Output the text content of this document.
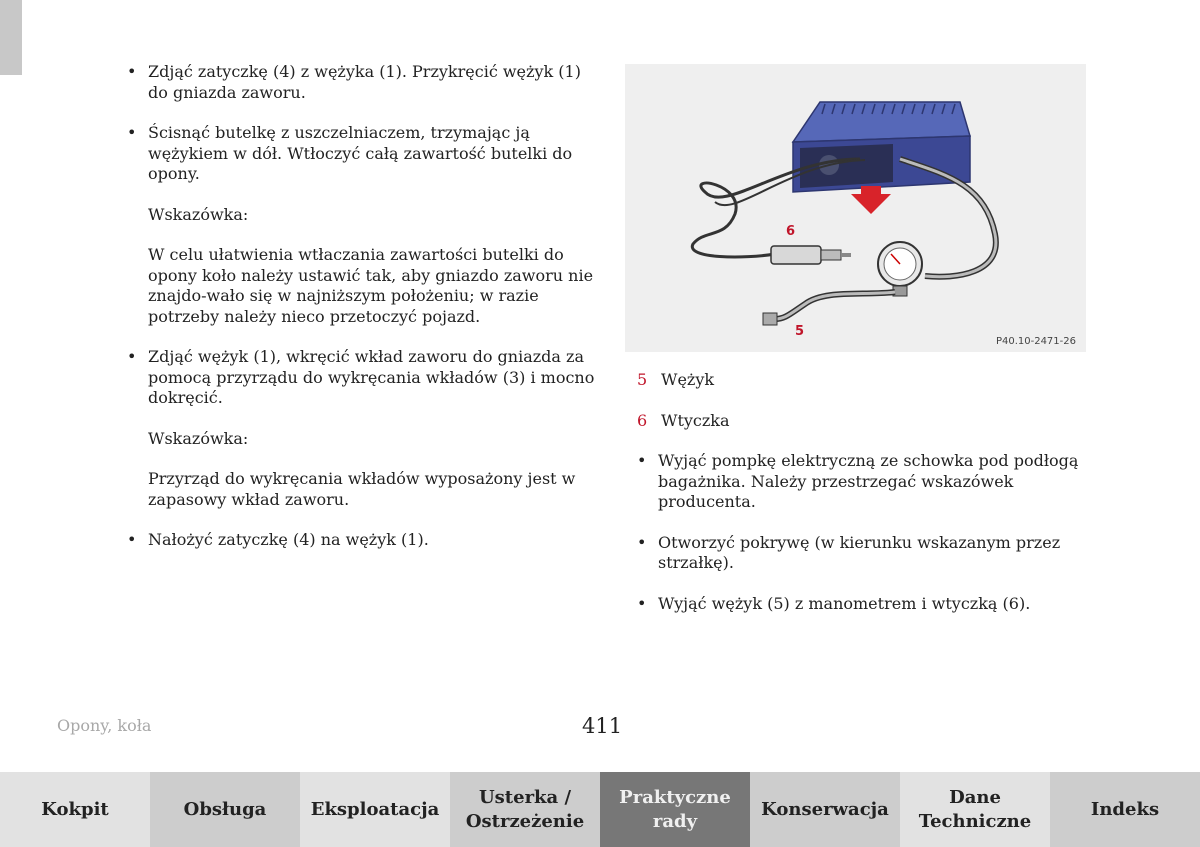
• Zdjąć zatyczkę (4) z wężyka (1). Przykręcić wężyk (1) do gniazda zaworu.
• Ścisnąć butelkę z uszczelniaczem, trzymając ją wężykiem w dół. Wtłoczyć całą zawartość butelki do opony.
Wskazówka:
W celu ułatwienia wtłaczania zawartości butelki do opony koło należy ustawić tak, aby gniazdo zaworu nie znajdo-wało się w najniższym położeniu; w razie potrzeby należy nieco przetoczyć pojazd.
• Zdjąć wężyk (1), wkręcić wkład zaworu do gniazda za pomocą przyrządu do wykręcania wkładów (3) i mocno dokręcić.
Wskazówka:
Przyrząd do wykręcania wkładów wyposażony jest w zapasowy wkład zaworu.
• Nałożyć zatyczkę (4) na wężyk (1).
6
5
P40.10-2471-26
5 Wężyk
6 Wtyczka
• Wyjąć pompkę elektryczną ze schowka pod podłogą bagażnika. Należy przestrzegać wskazówek producenta.
• Otworzyć pokrywę (w kierunku wskazanym przez strzałkę).
• Wyjąć wężyk (5) z manometrem i wtyczką (6).
Opony, koła	411
Kokpit	Obsługa	Eksploatacja
Usterka /
Ostrzeżenie
Praktyczne
rady
Konserwacja
Dane
Techniczne
Indeks
